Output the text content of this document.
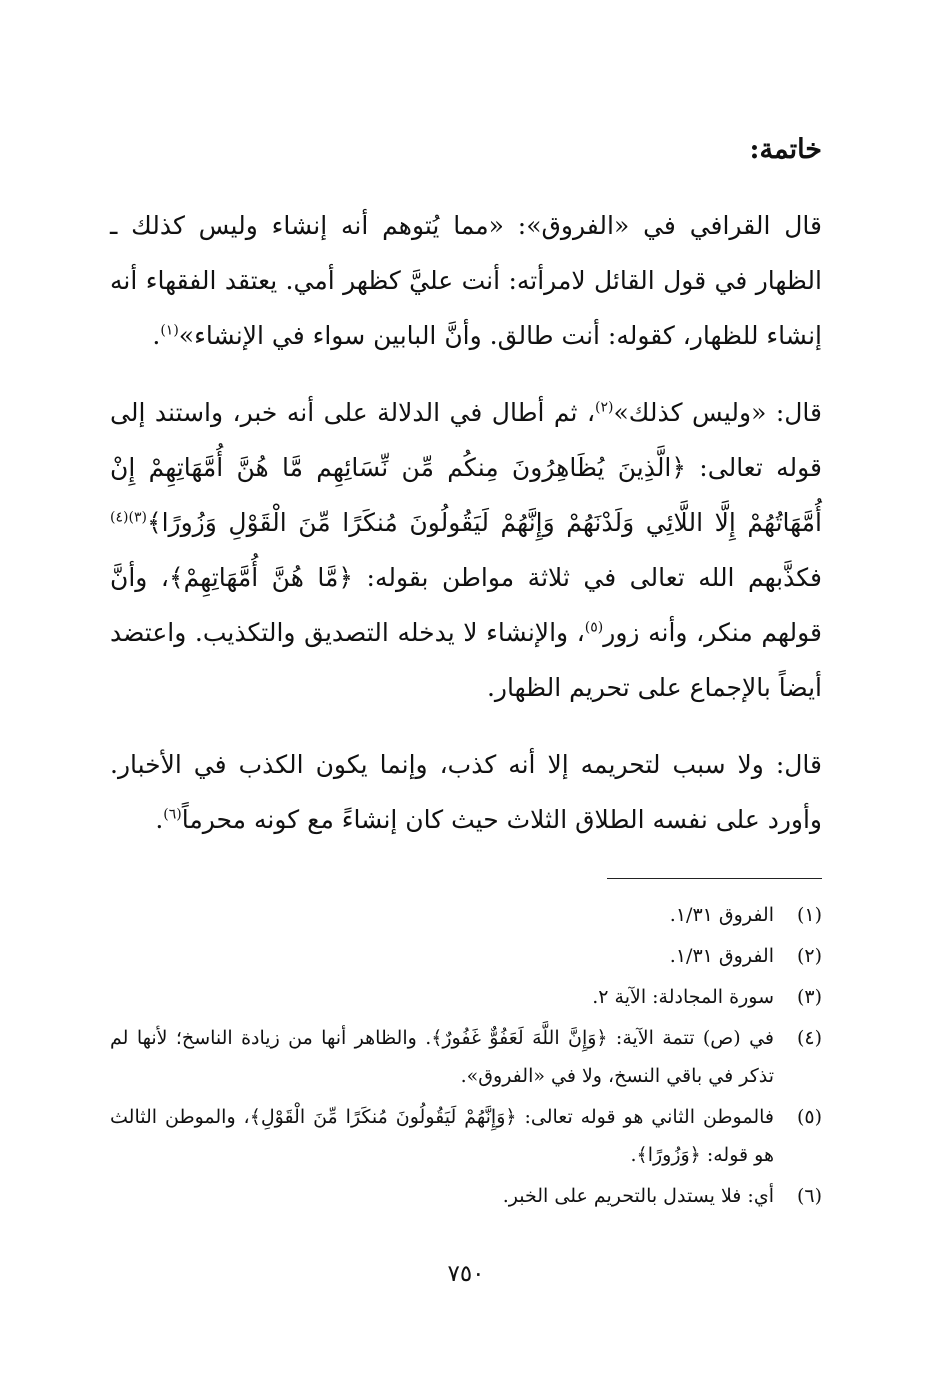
خاتمة:

قال القرافي في «الفروق»: «مما يُتوهم أنه إنشاء وليس كذلك ـ الظهار في قول القائل لامرأته: أنت عليَّ كظهر أمي. يعتقد الفقهاء أنه إنشاء للظهار، كقوله: أنت طالق. وأنَّ البابين سواء في الإنشاء»$^{(١)}$.

قال: «وليس كذلك»$^{(٢)}$، ثم أطال في الدلالة على أنه خبر، واستند إلى قوله تعالى: ﴿الَّذِينَ يُظَاهِرُونَ مِنكُم مِّن نِّسَائِهِم مَّا هُنَّ أُمَّهَاتِهِمْ إِنْ أُمَّهَاتُهُمْ إِلَّا اللَّائِي وَلَدْنَهُمْ وَإِنَّهُمْ لَيَقُولُونَ مُنكَرًا مِّنَ الْقَوْلِ وَزُورًا﴾$^{(٣)(٤)}$ فكذَّبهم الله تعالى في ثلاثة مواطن بقوله: ﴿مَّا هُنَّ أُمَّهَاتِهِمْ﴾، وأنَّ قولهم منكر، وأنه زور$^{(٥)}$، والإنشاء لا يدخله التصديق والتكذيب. واعتضد أيضاً بالإجماع على تحريم الظهار.

قال: ولا سبب لتحريمه إلا أنه كذب، وإنما يكون الكذب في الأخبار. وأورد على نفسه الطلاق الثلاث حيث كان إنشاءً مع كونه محرماً$^{(٦)}$.

(١)
الفروق ١/٣١.
(٢)
الفروق ١/٣١.
(٣)
سورة المجادلة: الآية ٢.
(٤)
في (ص) تتمة الآية: ﴿وَإِنَّ اللَّهَ لَعَفُوٌّ غَفُورٌ﴾. والظاهر أنها من زيادة الناسخ؛ لأنها لم تذكر في باقي النسخ، ولا في «الفروق».
(٥)
فالموطن الثاني هو قوله تعالى: ﴿وَإِنَّهُمْ لَيَقُولُونَ مُنكَرًا مِّنَ الْقَوْلِ﴾، والموطن الثالث هو قوله: ﴿وَزُورًا﴾.
(٦)
أي: فلا يستدل بالتحريم على الخبر.

٧٥٠
